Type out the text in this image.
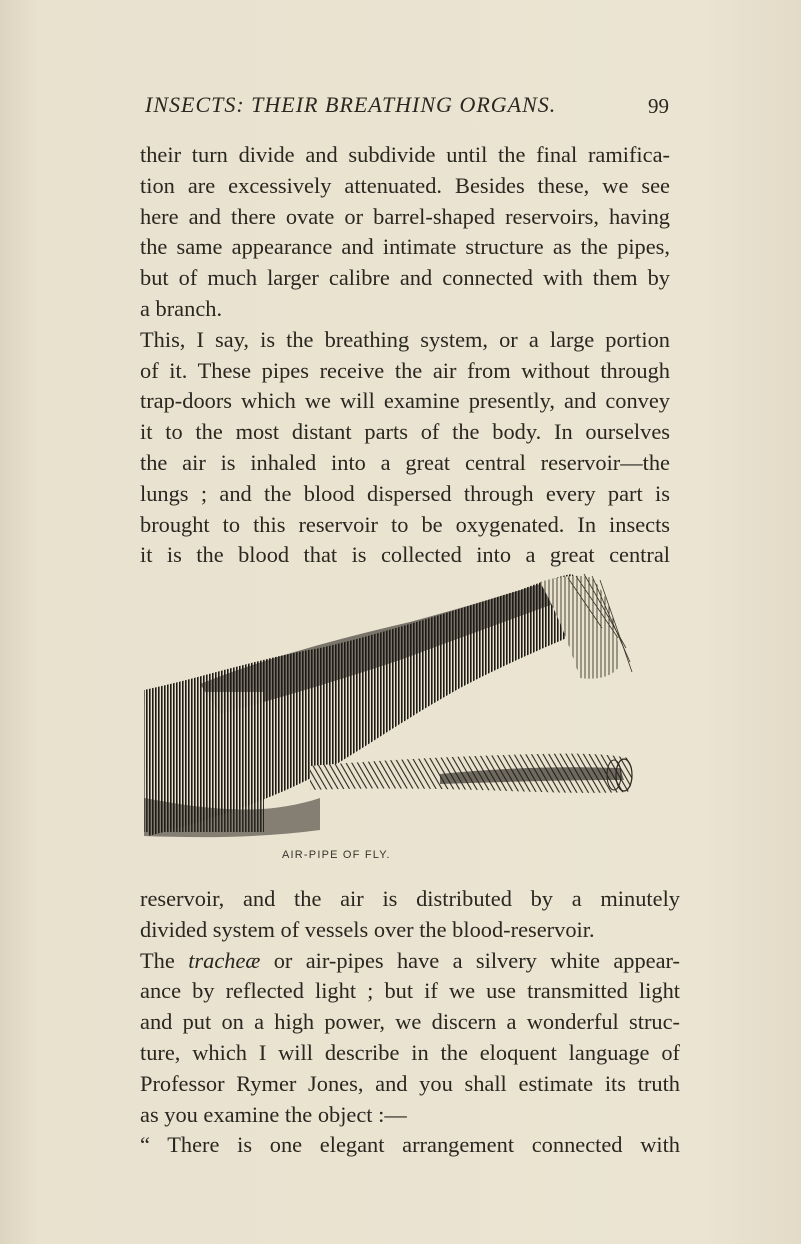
INSECTS: THEIR BREATHING ORGANS.	99
their turn divide and subdivide until the final ramifica-
tion are excessively attenuated. Besides these, we see
here and there ovate or barrel-shaped reservoirs, having
the same appearance and intimate structure as the pipes,
but of much larger calibre and connected with them by
a branch.
This, I say, is the breathing system, or a large portion
of it. These pipes receive the air from without through
trap-doors which we will examine presently, and convey
it to the most distant parts of the body. In ourselves
the air is inhaled into a great central reservoir—the
lungs ; and the blood dispersed through every part is
brought to this reservoir to be oxygenated. In insects
it is the blood that is collected into a great central
AIR-PIPE OF FLY.
reservoir, and the air is distributed by a minutely
divided system of vessels over the blood-reservoir.
The tracheæ or air-pipes have a silvery white appear-
ance by reflected light ; but if we use transmitted light
and put on a high power, we discern a wonderful struc-
ture, which I will describe in the eloquent language of
Professor Rymer Jones, and you shall estimate its truth
as you examine the object :—
“ There is one elegant arrangement connected with
